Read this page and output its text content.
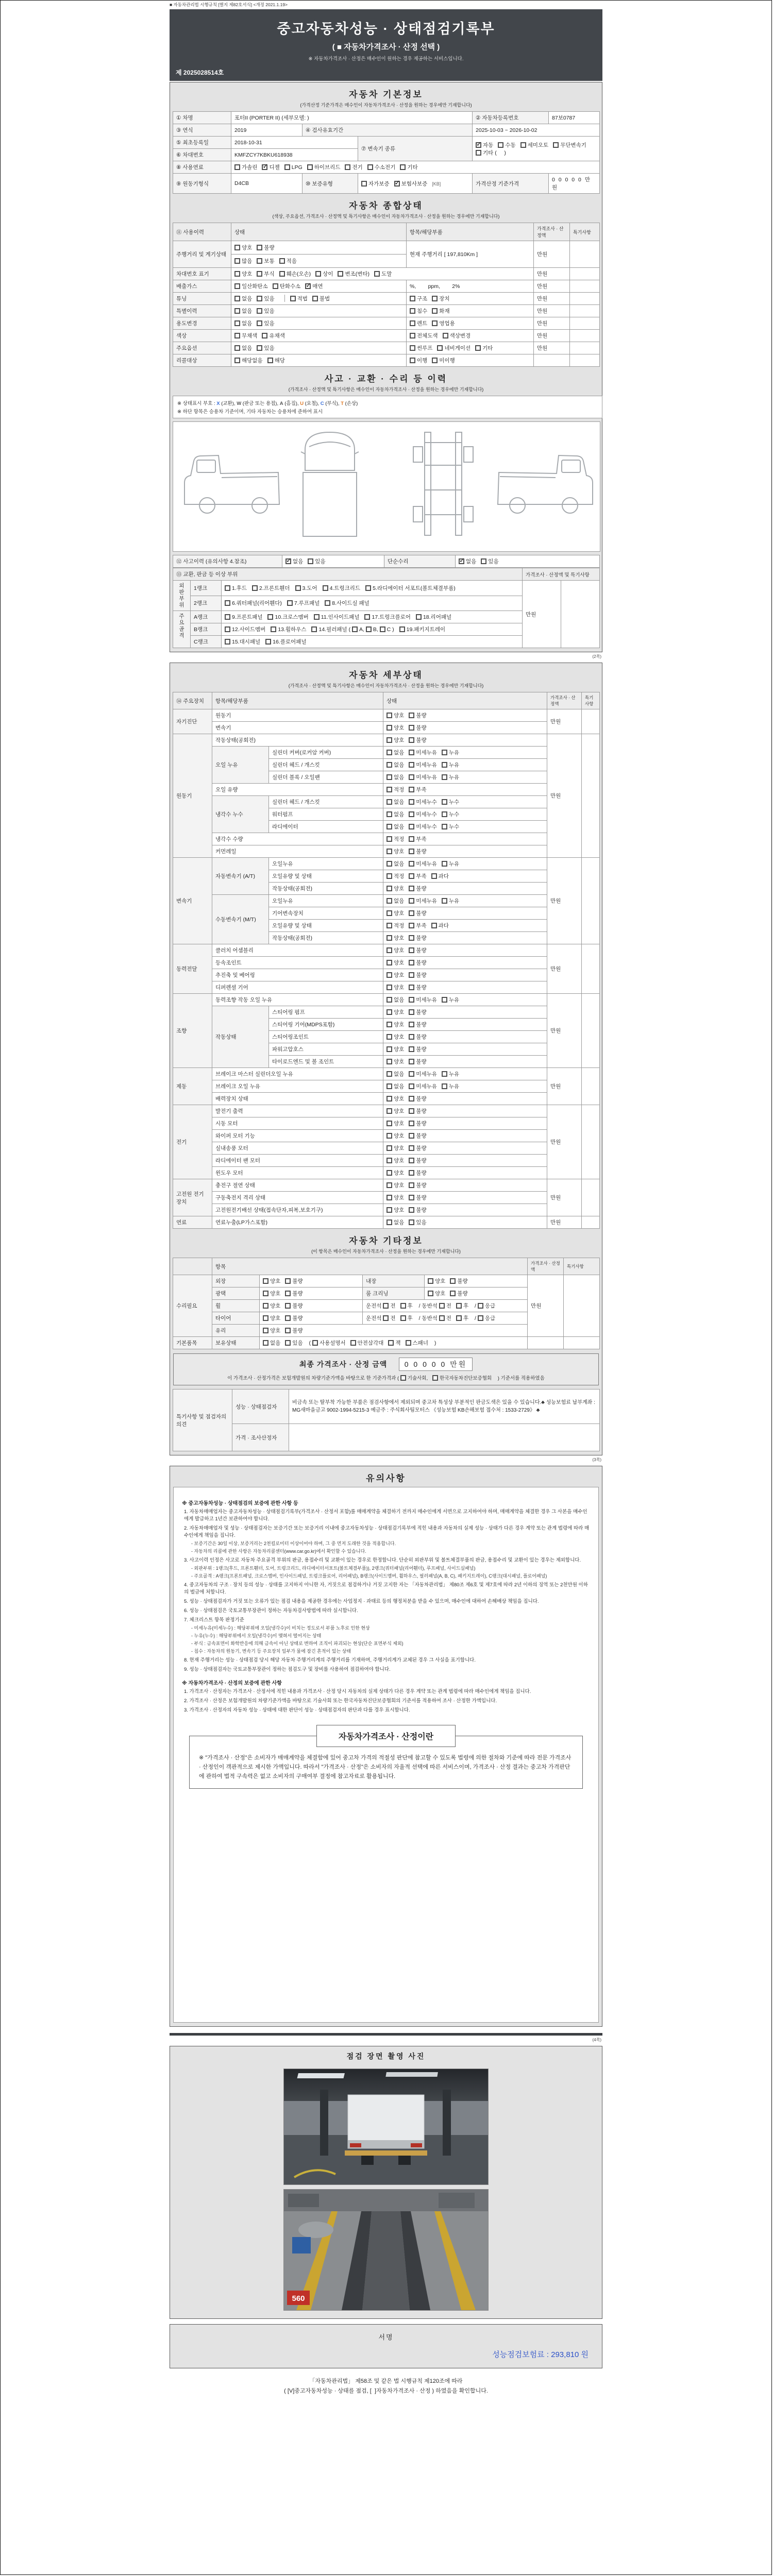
■ 자동차관리법 시행규칙 [별지 제82호서식] <개정 2021.1.19>
중고자동차성능 · 상태점검기록부
( ■ 자동차가격조사 · 산정 선택 )
※ 자동차가격조사 · 산정은 매수인이 원하는 경우 제공하는 서비스입니다.
제 2025028514호
자동차 기본정보
(가격산정 기준가격은 매수인이 자동차가격조사 · 산정을 원하는 경우에만 기재합니다)
① 차명	포터II (PORTER II) (세부모델: )			② 자동차등록번호	87보0787
③ 연식	2019	④ 검사유효기간		2025-10-03 ~ 2026-10-02	
⑤ 최초등록일	2018-10-31		⑦ 변속기 종류	✓자동 수동 세미오토 무단변속기기타 (     )
⑥ 차대번호	KMFZCY7KBKU618938				
⑧ 사용연료	가솔린 ✓ 디젤 LPG 하이브리드 전기 수소전기 기타
⑨ 원동기형식	D4CB	⑩ 보증유형	자가보증 ✓ 보험사보증 [KB]	가격산정 기준가격	0 0 0 0 0 만원
자동차 종합상태
(색상, 주요옵션, 가격조사 · 산정액 및 특기사항은 매수인이 자동차가격조사 · 산정을 원하는 경우에만 기재합니다)
⑪ 사용이력	상태	항목/해당부품	가격조사 · 산정액	특기사항
주행거리 및 계기상태	양호 불량
많음 보통 적음	현재 주행거리 [ 197,810Km ]	만원	
차대번호 표기	양호 부식 훼손(오손) 상이 변조(변타) 도말		만원	
배출가스	일산화탄소 탄화수소 ✓ 매연	%,        ppm,        2%	만원	
튜닝	없음 있음 적법 불법	구조 장치	만원	
특별이력	없음 있음	침수 화재	만원	
용도변경	없음 있음	렌트 영업용	만원	
색상	무채색 유채색	전체도색 색상변경	만원	
주요옵션	없음 있음	썬루프 네비게이션 기타	만원	
리콜대상	해당없음 해당	이행 미이행		
사고 · 교환 · 수리 등 이력
(가격조사 · 산정액 및 특기사항은 매수인이 자동차가격조사 · 산정을 원하는 경우에만 기재합니다)
※ 상태표시 부호 : X (교환), W (판금 또는 용접), A (흠집), U (요철), C (부식), T (손상)
※ 하단 항목은 승용차 기준이며, 기타 자동차는 승용차에 준하여 표시
⑫ 사고이력 (유의사항 4.참조)	✓없음 있음	단순수리	✓없음 있음
⑬ 교환, 판금 등 이상 부위			가격조사 · 산정액 및 특기사항	
외판부위	1랭크	1.후드 2.프론트휀더 3.도어 4.트렁크리드 5.라디에이터 서포트(볼트체결부품)	만원	
	2랭크	6.쿼터패널(리어휀다) 7.루프패널 8.사이드실 패널		
주요골격	A랭크	9.프론트패널 10.크로스멤버 11.인사이드패널 17.트렁크플로어 18.리어패널		
	B랭크	12.사이드멤버 13.휠하우스 14.필러패널 ( A, B, C ) 19.패키지트레이		
	C랭크	15.대시패널 16.플로어패널		
(2쪽)
자동차 세부상태
(가격조사 · 산정액 및 특기사항은 매수인이 자동차가격조사 · 산정을 원하는 경우에만 기재합니다)
⑭ 주요장치	항목/해당부품		상태	가격조사 · 산정액	특기사항
자기진단	원동기		양호 불량	만원	
	변속기		양호 불량		
원동기	작동상태(공회전)		양호 불량	만원	
	오일 누유	실린더 커버(로커암 커버)	없음 미세누유 누유		
		실린더 헤드 / 개스킷	없음 미세누유 누유		
		실린더 블록 / 오일팬	없음 미세누유 누유		
	오일 유량		적정 부족		
	냉각수 누수	실린더 헤드 / 개스킷	없음 미세누수 누수		
		워터펌프	없음 미세누수 누수		
		라디에이터	없음 미세누수 누수		
	냉각수 수량		적정 부족		
	커먼레일		양호 불량		
변속기	자동변속기 (A/T)	오일누유	없음 미세누유 누유	만원	
		오일유량 및 상태	적정 부족 과다		
		작동상태(공회전)	양호 불량		
	수동변속기 (M/T)	오일누유	없음 미세누유 누유		
		기어변속장치	양호 불량		
		오일유량 및 상태	적정 부족 과다		
		작동상태(공회전)	양호 불량		
동력전달	클러치 어셈블리		양호 불량	만원	
	등속조인트		양호 불량		
	추진축 및 베어링		양호 불량		
	디퍼렌셜 기어		양호 불량		
조향	동력조향 작동 오일 누유		없음 미세누유 누유	만원	
	작동상태	스티어링 펌프	양호 불량		
		스티어링 기어(MDPS포함)	양호 불량		
		스티어링조인트	양호 불량		
		파워고압호스	양호 불량		
		타이로드엔드 및 볼 조인트	양호 불량		
제동	브레이크 마스터 실린더오일 누유		없음 미세누유 누유	만원	
	브레이크 오일 누유		없음 미세누유 누유		
	배력장치 상태		양호 불량		
전기	발전기 출력		양호 불량	만원	
	시동 모터		양호 불량		
	와이퍼 모터 기능		양호 불량		
	실내송풍 모터		양호 불량		
	라디에이터 팬 모터		양호 불량		
	윈도우 모터		양호 불량		
고전원 전기장치	충전구 절연 상태		양호 불량	만원	
	구동축전지 격리 상태		양호 불량		
	고전원전기배선 상태(접속단자,피복,보호기구)		양호 불량		
연료	연료누출(LP가스포함)		없음 있음	만원	
자동차 기타정보
(이 항목은 매수인이 자동차가격조사 · 산정을 원하는 경우에만 기재합니다)
	항목				가격조사 · 산정액	특기사항
수리필요	외장	양호 불량	내장	양호 불량	만원	
	광택	양호 불량	룸 크리닝	양호 불량		
	휠	양호 불량	운전석 전 후 / 동반석 전 후 / 응급			
	타이어	양호 불량	운전석 전 후 / 동반석 전 후 / 응급			
	유리	양호 불량				
기본품목	보유상태	없음 있음 ( 사용설명서 안전삼각대 잭 스패너 )				
최종 가격조사 · 산정 금액 0 0 0 0 0 만원
이 가격조사 · 산정가격은 보험개발원의 차량기준가액을 바탕으로 한 기준가격과 ( 기술사회, 한국자동차진단보증협회 ) 기준서를 적용하였음
특기사항 및 점검자의 의견	성능 · 상태점검자	비금속 또는 탈부착 가능한 부품은 점검사항에서 제외되며 중고차 특성상 부분적인 판금도색은 있을 수 있습니다.♣ 성능보험료 납부계좌 : MG새마을금고 9002-1994-5215-3 예금주 : 주식회사팀모터스 《성능보험 KB손해보험 접수처 : 1533-2729》 ♣
	가격 · 조사산정자	
(3쪽)
유의사항
※ 중고자동차성능 · 상태점검의 보증에 관한 사항 등
1. 자동차매매업자는 중고자동차성능 · 상태점검기록부(가격조사 · 산정서 포함)를 매매계약을 체결하기 전까지 매수인에게 서면으로 고지하여야 하며, 매매계약을 체결한 경우 그 사본을 매수인에게 발급하고 1년간 보관하여야 합니다.
2. 자동차매매업자 및 성능 · 상태점검자는 보증기간 또는 보증거리 이내에 중고자동차성능 · 상태점검기록부에 적힌 내용과 자동차의 실제 성능 · 상태가 다른 경우 계약 또는 관계 법령에 따라 매수인에게 책임을 집니다.
- 보증기간은 30일 이상, 보증거리는 2천킬로미터 이상이어야 하며, 그 중 먼저 도래한 것을 적용합니다.
- 자동차의 리콜에 관한 사항은 자동차리콜센터(www.car.go.kr)에서 확인할 수 있습니다.
3. 사고이력 인정은 사고로 자동차 주요골격 부위의 판금, 용접수리 및 교환이 있는 경우로 한정합니다. 단순히 외판부위 및 볼트체결부품의 판금, 용접수리 및 교환이 있는 경우는 제외합니다.
- 외판부위 : 1랭크(후드, 프론트휀더, 도어, 트렁크리드, 라디에이터서포트(볼트체결부품)), 2랭크(쿼터패널(리어휀더), 루프패널, 사이드실패널)
- 주요골격 : A랭크(프론트패널, 크로스멤버, 인사이드패널, 트렁크플로어, 리어패널), B랭크(사이드멤버, 휠하우스, 필러패널(A, B, C), 패키지트레이), C랭크(대시패널, 플로어패널)
4. 중고자동차의 구조 · 장치 등의 성능 · 상태를 고지하지 아니한 자, 거짓으로 점검하거나 거짓 고지한 자는 「자동차관리법」 제80조 제6호 및 제7호에 따라 2년 이하의 징역 또는 2천만원 이하의 벌금에 처합니다.
5. 성능 · 상태점검자가 거짓 또는 오류가 있는 점검 내용을 제공한 경우에는 사업정지 · 과태료 등의 행정처분을 받을 수 있으며, 매수인에 대하여 손해배상 책임을 집니다.
6. 성능 · 상태점검은 국토교통부장관이 정하는 자동차검사방법에 따라 실시합니다.
7. 체크리스트 항목 판정기준
- 미세누유(미세누수) : 해당부위에 오일(냉각수)이 비치는 정도로서 부품 노후로 인한 현상
- 누유(누수) : 해당부위에서 오일(냉각수)이 맺혀서 떨어지는 상태
- 부식 : 금속표면이 화학반응에 의해 금속이 아닌 상태로 변하여 조직이 파괴되는 현상(단순 표면부식 제외)
- 침수 : 자동차의 원동기, 변속기 등 주요장치 일부가 물에 잠긴 흔적이 있는 상태
8. 현재 주행거리는 성능 · 상태점검 당시 해당 자동차 주행거리계의 주행거리를 기재하며, 주행거리계가 교체된 경우 그 사실을 표기합니다.
9. 성능 · 상태점검자는 국토교통부장관이 정하는 점검도구 및 장비를 사용하여 점검하여야 합니다.
※ 자동차가격조사 · 산정의 보증에 관한 사항
1. 가격조사 · 산정자는 가격조사 · 산정서에 적힌 내용과 가격조사 · 산정 당시 자동차의 실제 상태가 다른 경우 계약 또는 관계 법령에 따라 매수인에게 책임을 집니다.
2. 가격조사 · 산정은 보험개발원의 차량기준가액을 바탕으로 기술사회 또는 한국자동차진단보증협회의 기준서를 적용하여 조사 · 산정한 가액입니다.
3. 가격조사 · 산정자의 자동차 성능 · 상태에 대한 판단이 성능 · 상태점검자의 판단과 다를 경우 표시합니다.
자동차가격조사 · 산정이란
※ "가격조사 · 산정"은 소비자가 매매계약을 체결함에 있어 중고차 가격의 적절성 판단에 참고할 수 있도록 법령에 의한 절차와 기준에 따라 전문 가격조사 · 산정인이 객관적으로 제시한 가액입니다. 따라서 "가격조사 · 산정"은 소비자의 자율적 선택에 따른 서비스이며, 가격조사 · 산정 결과는 중고차 가격판단에 관하여 법적 구속력은 없고 소비자의 구매여부 결정에 참고자료로 활용됩니다.
(4쪽)
점검 장면 촬영 사진
560
서명
성능점검보험료 : 293,810 원
「자동차관리법」 제58조 및 같은 법 시행규칙 제120조에 따라
( [V]중고자동차성능 · 상태를 점검, [  ]자동차가격조사 · 산정 ) 하였음을 확인합니다.
